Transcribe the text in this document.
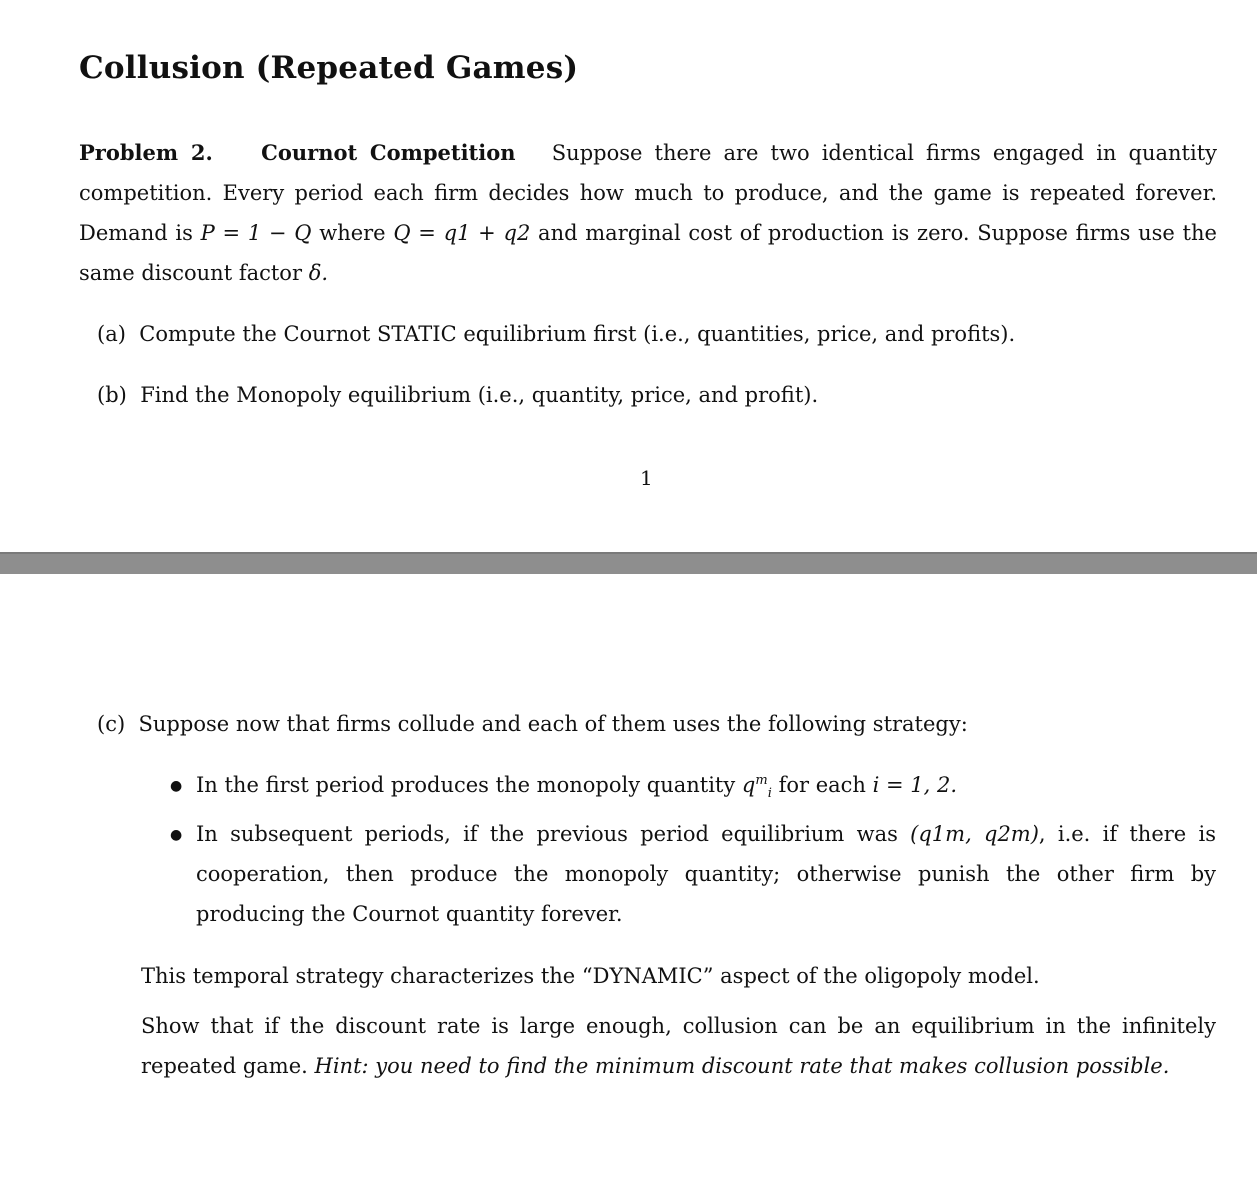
Collusion (Repeated Games)

Problem 2. Cournot Competition Suppose there are two identical firms engaged in quantity competition. Every period each firm decides how much to produce, and the game is repeated forever. Demand is P = 1 − Q where Q = q1 + q2 and marginal cost of production is zero. Suppose firms use the same discount factor δ.

(a) Compute the Cournot STATIC equilibrium first (i.e., quantities, price, and profits).
(b) Find the Monopoly equilibrium (i.e., quantity, price, and profit).
1
(c) Suppose now that firms collude and each of them uses the following strategy:
● In the first period produces the monopoly quantity $q^m_i$ for each i = 1, 2.

● In subsequent periods, if the previous period equilibrium was (q1m, q2m), i.e. if there is cooperation, then produce the monopoly quantity; otherwise punish the other firm by producing the Cournot quantity forever.

This temporal strategy characterizes the “DYNAMIC” aspect of the oligopoly model.

Show that if the discount rate is large enough, collusion can be an equilibrium in the infinitely repeated game. Hint: you need to find the minimum discount rate that makes collusion possible.
